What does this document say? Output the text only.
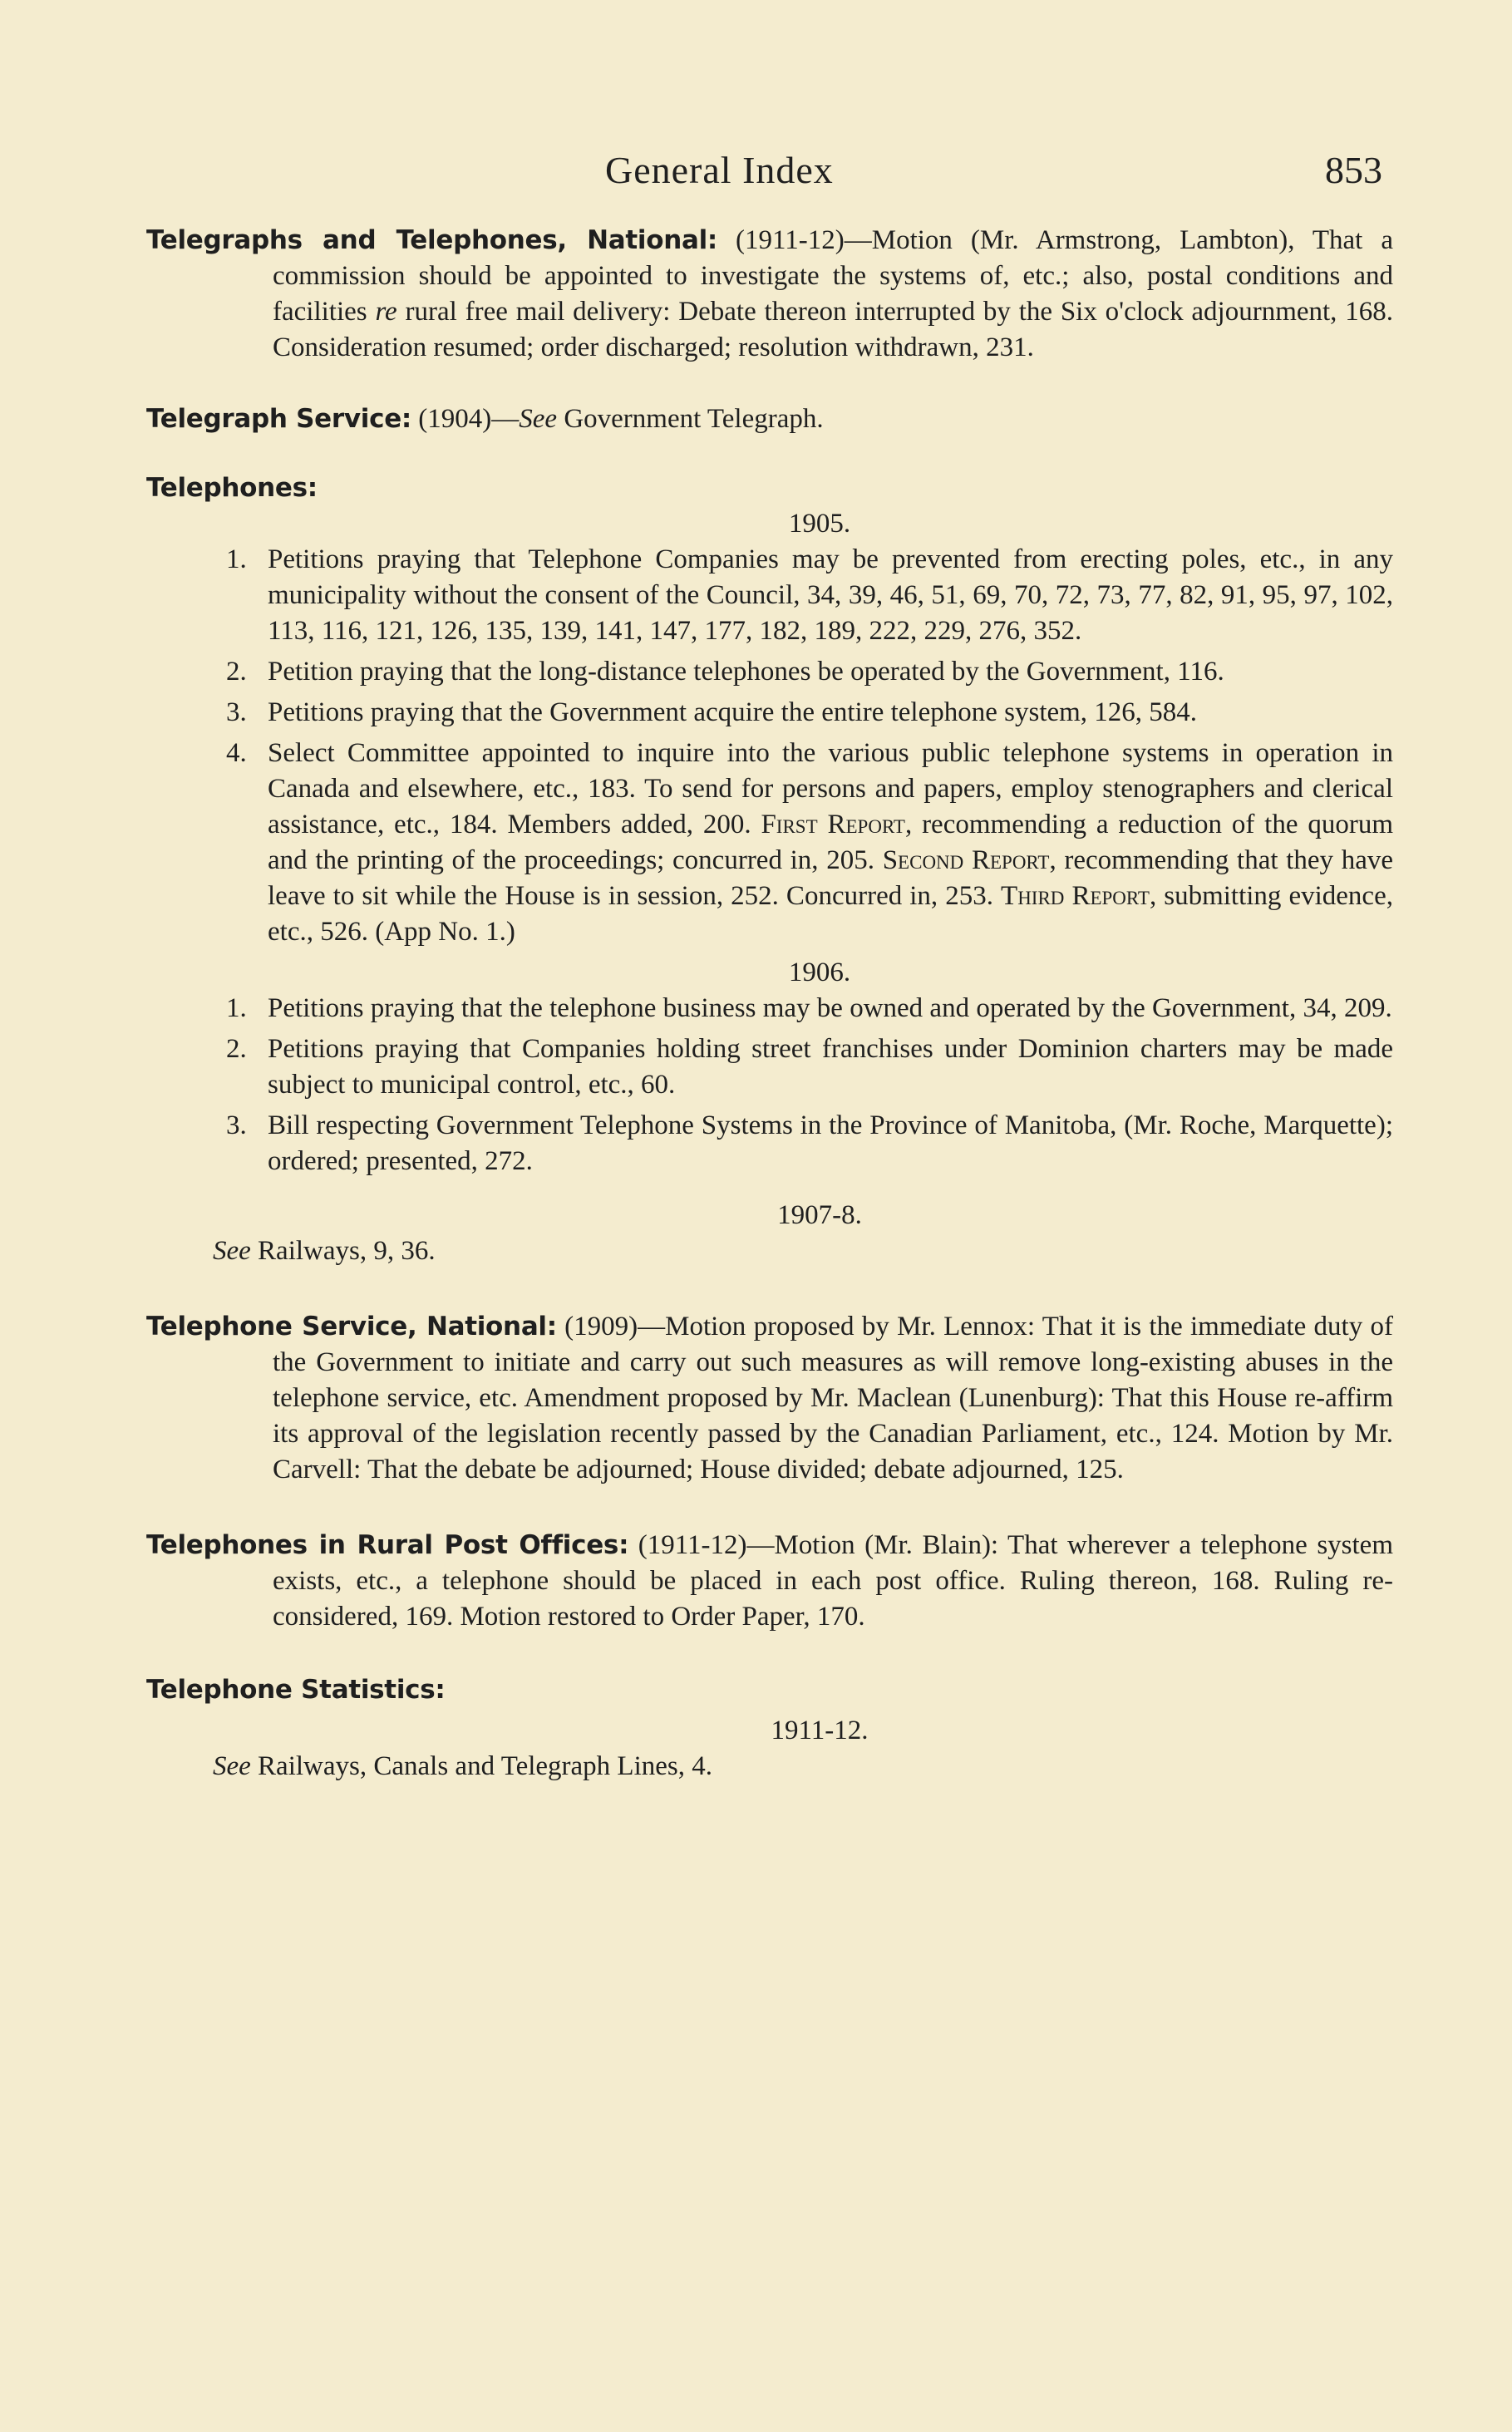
General Index	853

Telegraphs and Telephones, National: (1911-12)—Motion (Mr. Armstrong, Lambton), That a commission should be appointed to investigate the systems of, etc.; also, postal conditions and facilities re rural free mail delivery: Debate thereon interrupted by the Six o'clock adjournment, 168. Consideration resumed; order discharged; resolution withdrawn, 231.

Telegraph Service: (1904)—See Government Telegraph.

Telephones:

1905.

1. Petitions praying that Telephone Companies may be prevented from erecting poles, etc., in any municipality without the consent of the Council, 34, 39, 46, 51, 69, 70, 72, 73, 77, 82, 91, 95, 97, 102, 113, 116, 121, 126, 135, 139, 141, 147, 177, 182, 189, 222, 229, 276, 352.

2. Petition praying that the long-distance telephones be operated by the Government, 116.

3. Petitions praying that the Government acquire the entire telephone system, 126, 584.

4. Select Committee appointed to inquire into the various public telephone systems in operation in Canada and elsewhere, etc., 183. To send for persons and papers, employ stenographers and clerical assistance, etc., 184. Members added, 200. First Report, recommending a reduction of the quorum and the printing of the proceedings; concurred in, 205. Second Report, recommending that they have leave to sit while the House is in session, 252. Concurred in, 253. Third Report, submitting evidence, etc., 526. (App No. 1.)

1906.

1. Petitions praying that the telephone business may be owned and operated by the Government, 34, 209.

2. Petitions praying that Companies holding street franchises under Dominion charters may be made subject to municipal control, etc., 60.

3. Bill respecting Government Telephone Systems in the Province of Manitoba, (Mr. Roche, Marquette); ordered; presented, 272.

1907-8.

See Railways, 9, 36.

Telephone Service, National: (1909)—Motion proposed by Mr. Lennox: That it is the immediate duty of the Government to initiate and carry out such measures as will remove long-existing abuses in the telephone service, etc. Amendment proposed by Mr. Maclean (Lunenburg): That this House re-affirm its approval of the legislation recently passed by the Canadian Parliament, etc., 124. Motion by Mr. Carvell: That the debate be adjourned; House divided; debate adjourned, 125.

Telephones in Rural Post Offices: (1911-12)—Motion (Mr. Blain): That wherever a telephone system exists, etc., a telephone should be placed in each post office. Ruling thereon, 168. Ruling re-considered, 169. Motion restored to Order Paper, 170.

Telephone Statistics:

1911-12.

See Railways, Canals and Telegraph Lines, 4.
